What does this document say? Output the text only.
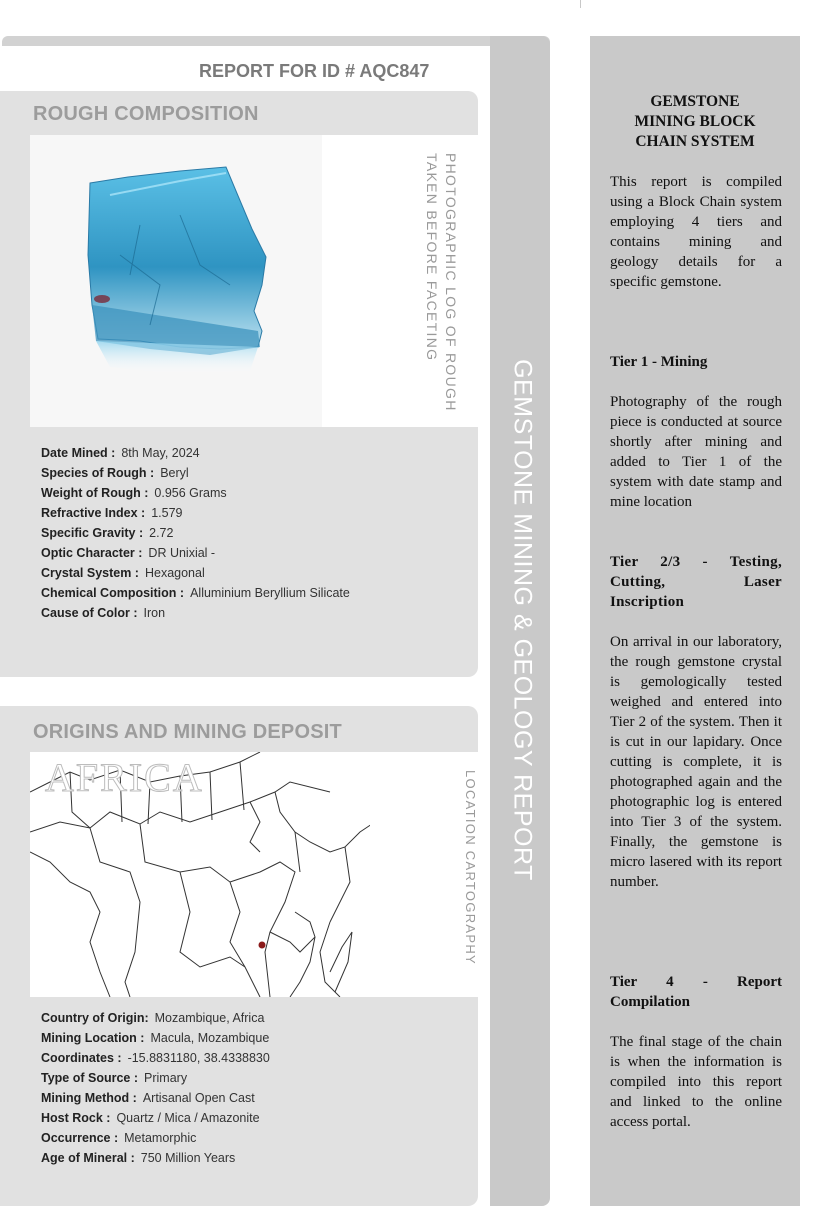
GEMSTONE MINING & GEOLOGY REPORT
REPORT FOR ID # AQC847
ROUGH COMPOSITION
PHOTOGRAPHIC LOG OF ROUGH
TAKEN BEFORE FACETING
Date Mined : 8th May, 2024
Species of Rough : Beryl
Weight of Rough : 0.956 Grams
Refractive Index : 1.579
Specific Gravity : 2.72
Optic Character : DR Unixial -
Crystal System : Hexagonal
Chemical Composition : Alluminium Beryllium Silicate
Cause of Color : Iron
ORIGINS AND MINING DEPOSIT
AFRICA	LOCATION CARTOGRAPHY
Country of Origin: Mozambique, Africa
Mining Location : Macula, Mozambique
Coordinates : -15.8831180, 38.4338830
Type of Source : Primary
Mining Method : Artisanal Open Cast
Host Rock : Quartz / Mica / Amazonite
Occurrence : Metamorphic
Age of Mineral : 750 Million Years
GEMSTONE MINING BLOCK CHAIN SYSTEM
This report is compiled using a Block Chain system employing 4 tiers and contains mining and geology details for a specific gemstone.
Tier 1 - Mining
Photography of the rough piece is conducted at source shortly after mining and added to Tier 1 of the system with date stamp and mine location
Tier 2/3 - Testing, Cutting, Laser Inscription
On arrival in our laboratory, the rough gemstone crystal is gemologically tested weighed and entered into Tier 2 of the system. Then it is cut in our lapidary. Once cutting is complete, it is photographed again and the photographic log is entered into Tier 3 of the system. Finally, the gemstone is micro lasered with its report number.
Tier 4 - Report Compilation
The final stage of the chain is when the information is compiled into this report and linked to the online access portal.
